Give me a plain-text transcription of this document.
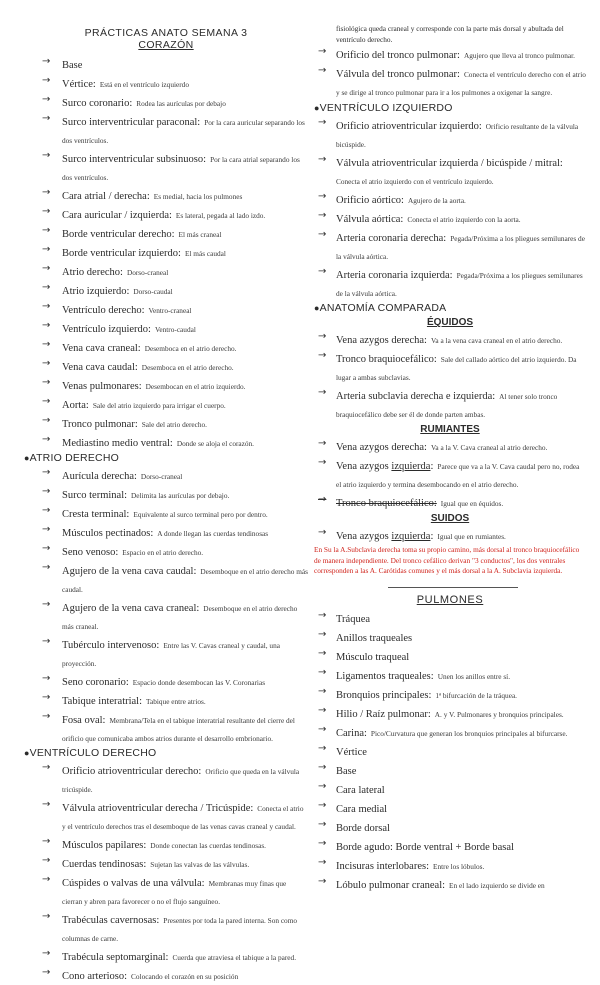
PRÁCTICAS ANATO SEMANA 3
CORAZÓN
→ Base
→ Vértice: Está en el ventrículo izquierdo
→ Surco coronario: Rodea las aurículas por debajo
→ Surco interventricular paraconal: Por la cara auricular separando los dos ventrículos.
→ Surco interventricular subsinuoso: Por la cara atrial separando los dos ventrículos.
→ Cara atrial / derecha: Es medial, hacia los pulmones
→ Cara auricular / izquierda: Es lateral, pegada al lado izdo.
→ Borde ventricular derecho: El más craneal
→ Borde ventricular izquierdo: El más caudal
→ Atrio derecho: Dorso-craneal
→ Atrio izquierdo: Dorso-caudal
→ Ventrículo derecho: Ventro-craneal
→ Ventrículo izquierdo: Ventro-caudal
→ Vena cava craneal: Desemboca en el atrio derecho.
→ Vena cava caudal: Desemboca en el atrio derecho.
→ Venas pulmonares: Desembocan en el atrio izquierdo.
→ Aorta: Sale del atrio izquierdo para irrigar el cuerpo.
→ Tronco pulmonar: Sale del atrio derecho.
→ Mediastino medio ventral: Donde se aloja el corazón.
●ATRIO DERECHO
→ Aurícula derecha: Dorso-craneal
→ Surco terminal: Delimita las aurículas por debajo.
→ Cresta terminal: Equivalente al surco terminal pero por dentro.
→ Músculos pectinados: A donde llegan las cuerdas tendinosas
→ Seno venoso: Espacio en el atrio derecho.
→ Agujero de la vena cava caudal: Desemboque en el atrio derecho más caudal.
→ Agujero de la vena cava craneal: Desemboque en el atrio derecho más craneal.
→ Tubérculo intervenoso: Entre las V. Cavas craneal y caudal, una proyección.
→ Seno coronario: Espacio donde desembocan las V. Coronarias
→ Tabique interatrial: Tabique entre atrios.
→ Fosa oval: Membrana/Tela en el tabique interatrial resultante del cierre del orificio que comunicaba ambos atrios durante el desarrollo embrionario.
●VENTRÍCULO DERECHO
→ Orificio atrioventricular derecho: Orificio que queda en la válvula tricúspide.
→ Válvula atrioventricular derecha / Tricúspide: Conecta el atrio y el ventrículo derechos tras el desemboque de las venas cavas craneal y caudal.
→ Músculos papilares: Donde conectan las cuerdas tendinosas.
→ Cuerdas tendinosas: Sujetan las valvas de las válvulas.
→ Cúspides o valvas de una válvula: Membranas muy finas que cierran y abren para favorecer o no el flujo sanguíneo.
→ Trabéculas cavernosas: Presentes por toda la pared interna. Son como columnas de carne.
→ Trabécula septomarginal: Cuerda que atraviesa el tabique a la pared.
→ Cono arterioso: Colocando el corazón en su posición
fisiológica queda craneal y corresponde con la parte más dorsal y abultada del ventrículo derecho.
→ Orificio del tronco pulmonar: Agujero que lleva al tronco pulmonar.
→ Válvula del tronco pulmonar: Conecta el ventrículo derecho con el atrio y se dirige al tronco pulmonar para ir a los pulmones a oxigenar la sangre.
●VENTRÍCULO IZQUIERDO
→ Orificio atrioventricular izquierdo: Orificio resultante de la válvula bicúspide.
→ Válvula atrioventricular izquierda / bicúspide / mitral: Conecta el atrio izquierdo con el ventrículo izquierdo.
→ Orificio aórtico: Agujero de la aorta.
→ Válvula aórtica: Conecta el atrio izquierdo con la aorta.
→ Arteria coronaria derecha: Pegada/Próxima a los pliegues semilunares de la válvula aórtica.
→ Arteria coronaria izquierda: Pegada/Próxima a los pliegues semilunares de la válvula aórtica.
●ANATOMÍA COMPARADA
ÉQUIDOS
→ Vena azygos derecha: Va a la vena cava craneal en el atrio derecho.
→ Tronco braquiocefálico: Sale del callado aórtico del atrio izquierdo. Da lugar a ambas subclavias.
→ Arteria subclavia derecha e izquierda: Al tener solo tronco braquiocefálico debe ser él de donde parten ambas.
RUMIANTES
→ Vena azygos derecha: Va a la V. Cava craneal al atrio derecho.
→ Vena azygos izquierda: Parece que va a la V. Cava caudal pero no, rodea el atrio izquierdo y termina desembocando en el atrio derecho.
→ Tronco braquiocefálico: Igual que en équidos.
SUIDOS
→ Vena azygos izquierda: Igual que en rumiantes.
En Su la A.Subclavia derecha toma su propio camino, más dorsal al tronco braquiocefálico de manera independiente. Del tronco cefálico derivan "3 conductos", los dos ventrales corresponden a las A. Carótidas comunes y el más dorsal a la A. Subclavia izquierda.
PULMONES
→ Tráquea
→ Anillos traqueales
→ Músculo traqueal
→ Ligamentos traqueales: Unen los anillos entre sí.
→ Bronquios principales: 1ª bifurcación de la tráquea.
→ Hilio / Raíz pulmonar: A. y V. Pulmonares y bronquios principales.
→ Carina: Pico/Curvatura que generan los bronquios principales al bifurcarse.
→ Vértice
→ Base
→ Cara lateral
→ Cara medial
→ Borde dorsal
→ Borde agudo: Borde ventral + Borde basal
→ Incisuras interlobares: Entre los lóbulos.
→ Lóbulo pulmonar craneal: En el lado izquierdo se divide en
